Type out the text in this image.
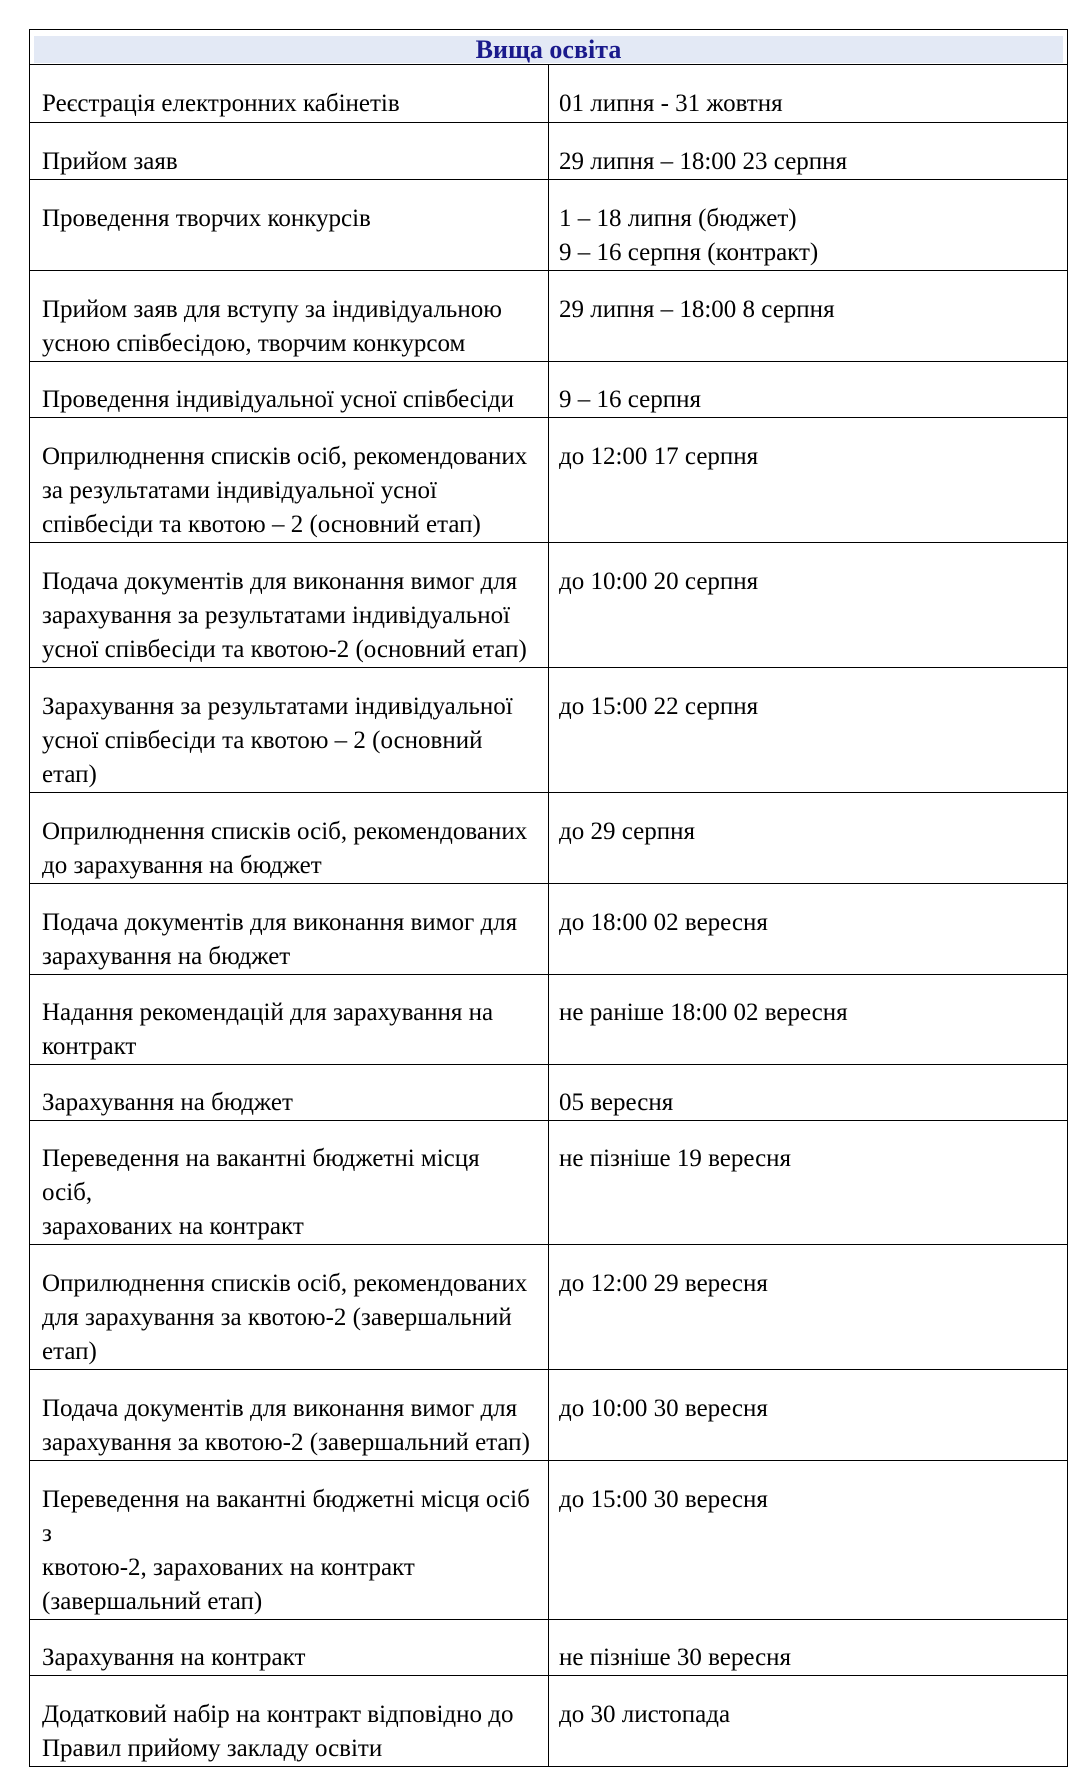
Вища освіта	

Реєстрація електронних кабінетів	01 липня - 31 жовтня

Прийом заяв	29 липня – 18:00 23 серпня

Проведення творчих конкурсів	1 – 18 липня (бюджет)
9 – 16 серпня (контракт)

Прийом заяв для вступу за індивідуальною
усною співбесідою, творчим конкурсом	29 липня – 18:00 8 серпня

Проведення індивідуальної усної співбесіди	9 – 16 серпня

Оприлюднення списків осіб, рекомендованих
за результатами індивідуальної усної
співбесіди та квотою – 2 (основний етап)	до 12:00 17 серпня

Подача документів для виконання вимог для
зарахування за результатами індивідуальної
усної співбесіди та квотою-2 (основний етап)	до 10:00 20 серпня

Зарахування за результатами індивідуальної
усної співбесіди та квотою – 2 (основний етап)	до 15:00 22 серпня

Оприлюднення списків осіб, рекомендованих
до зарахування на бюджет	до 29 серпня

Подача документів для виконання вимог для
зарахування на бюджет	до 18:00 02 вересня

Надання рекомендацій для зарахування на
контракт	не раніше 18:00 02 вересня

Зарахування на бюджет	05 вересня

Переведення на вакантні бюджетні місця осіб,
зарахованих на контракт	не пізніше 19 вересня

Оприлюднення списків осіб, рекомендованих
для зарахування за квотою-2 (завершальний
етап)	до 12:00 29 вересня

Подача документів для виконання вимог для
зарахування за квотою-2 (завершальний етап)	до 10:00 30 вересня

Переведення на вакантні бюджетні місця осіб з
квотою-2, зарахованих на контракт
(завершальний етап)	до 15:00 30 вересня

Зарахування на контракт	не пізніше 30 вересня

Додатковий набір на контракт відповідно до
Правил прийому закладу освіти	до 30 листопада
